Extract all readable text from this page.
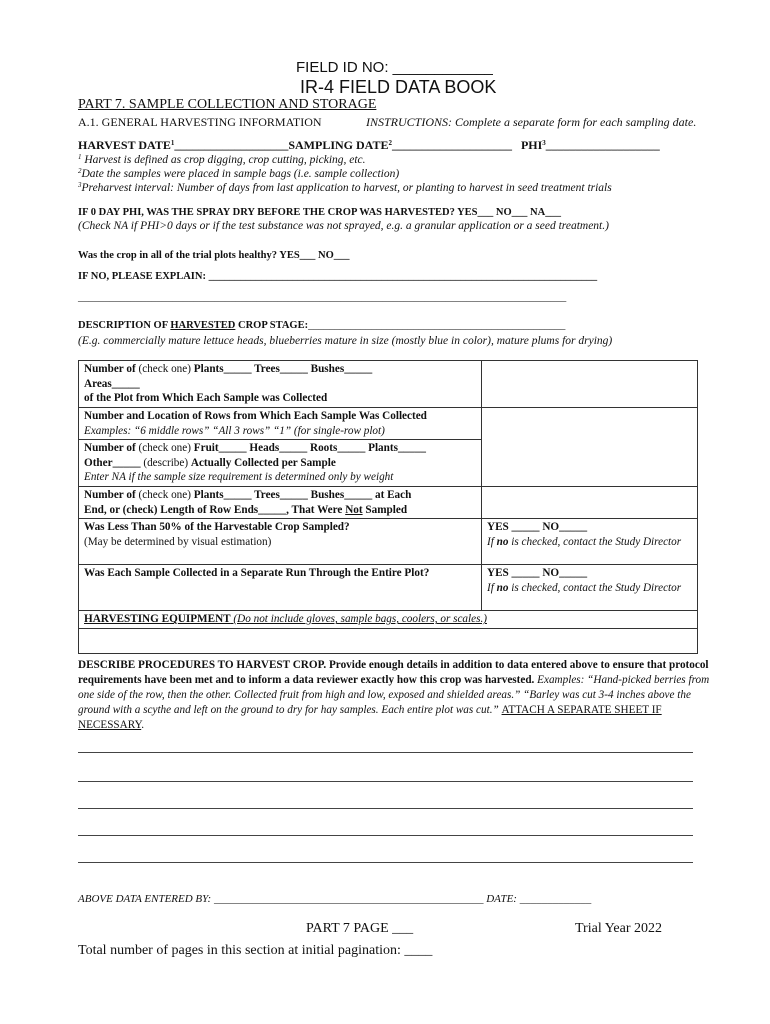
FIELD ID NO: ____________
IR-4 FIELD DATA BOOK
PART 7. SAMPLE COLLECTION AND STORAGE
A.1. GENERAL HARVESTING INFORMATION	INSTRUCTIONS: Complete a separate form for each sampling date.
HARVEST DATE$^1$___________________SAMPLING DATE$^2$____________________ PHI$^3$___________________
$^1$ Harvest is defined as crop digging, crop cutting, picking, etc.
$^2$Date the samples were placed in sample bags (i.e. sample collection)
$^3$Preharvest interval: Number of days from last application to harvest, or planting to harvest in seed treatment trials
IF 0 DAY PHI, WAS THE SPRAY DRY BEFORE THE CROP WAS HARVESTED? YES___ NO___ NA___
(Check NA if PHI>0 days or if the test substance was not sprayed, e.g. a granular application or a seed treatment.)
Was the crop in all of the trial plots healthy? YES___ NO___
IF NO, PLEASE EXPLAIN: __________________________________________________________________________
_____________________________________________________________________________________________
DESCRIPTION OF HARVESTED CROP STAGE:_________________________________________________
(E.g. commercially mature lettuce heads, blueberries mature in size (mostly blue in color), mature plums for drying)
Number of (check one) Plants_____ Trees_____ Bushes_____
Areas_____
of the Plot from Which Each Sample was Collected	
Number and Location of Rows from Which Each Sample Was Collected
Examples: “6 middle rows” “All 3 rows” “1” (for single-row plot)	
Number of (check one) Fruit_____ Heads_____ Roots_____ Plants_____
Other_____ (describe) Actually Collected per Sample
Enter NA if the sample size requirement is determined only by weight	
Number of (check one) Plants_____ Trees_____ Bushes_____ at Each
End, or (check) Length of Row Ends_____, That Were Not Sampled	
Was Less Than 50% of the Harvestable Crop Sampled?
(May be determined by visual estimation)	YES _____ NO_____
If no is checked, contact the Study Director
Was Each Sample Collected in a Separate Run Through the Entire Plot?	YES _____ NO_____
If no is checked, contact the Study Director
HARVESTING EQUIPMENT (Do not include gloves, sample bags, coolers, or scales.)	

DESCRIBE PROCEDURES TO HARVEST CROP. Provide enough details in addition to data entered above to ensure that protocol requirements have been met and to inform a data reviewer exactly how this crop was harvested. Examples: “Hand-picked berries from one side of the row, then the other. Collected fruit from high and low, exposed and shielded areas.” “Barley was cut 3-4 inches above the ground with a scythe and left on the ground to dry for hay samples. Each entire plot was cut.” ATTACH A SEPARATE SHEET IF NECESSARY.
ABOVE DATA ENTERED BY: _________________________________________________ DATE: _____________
PART 7 PAGE ___	Trial Year 2022
Total number of pages in this section at initial pagination: ____
